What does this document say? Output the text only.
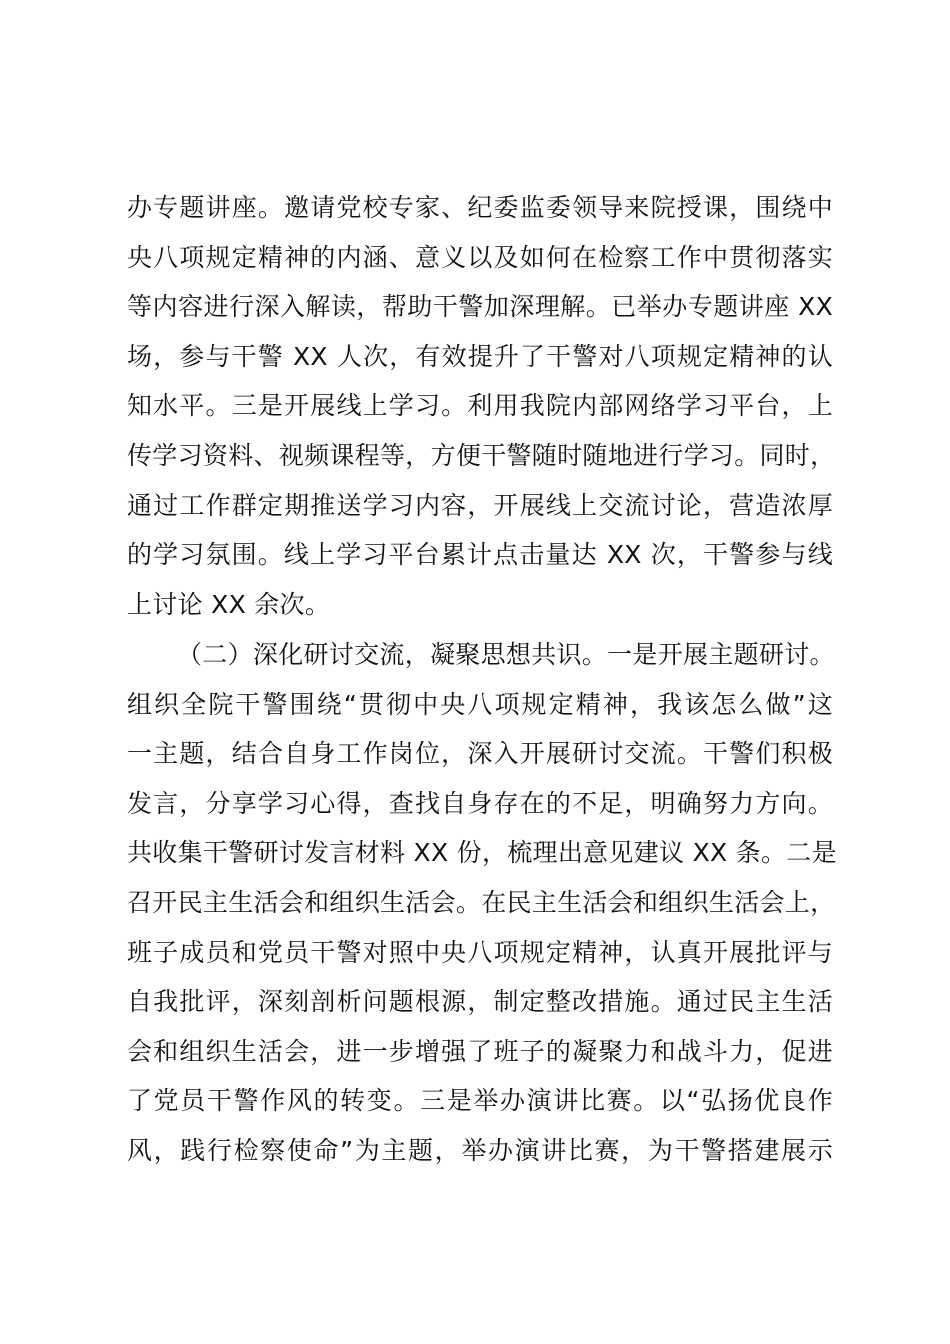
办专题讲座。邀请党校专家、纪委监委领导来院授课，围绕中
央八项规定精神的内涵、意义以及如何在检察工作中贯彻落实
等内容进行深入解读，帮助干警加深理解。已举办专题讲座 XX
场，参与干警 XX 人次，有效提升了干警对八项规定精神的认
知水平。三是开展线上学习。利用我院内部网络学习平台，上
传学习资料、视频课程等，方便干警随时随地进行学习。同时，
通过工作群定期推送学习内容，开展线上交流讨论，营造浓厚
的学习氛围。线上学习平台累计点击量达 XX 次，干警参与线
上讨论 XX 余次。
（二）深化研讨交流，凝聚思想共识。一是开展主题研讨。
组织全院干警围绕“贯彻中央八项规定精神，我该怎么做”这
一主题，结合自身工作岗位，深入开展研讨交流。干警们积极
发言，分享学习心得，查找自身存在的不足，明确努力方向。
共收集干警研讨发言材料 XX 份，梳理出意见建议 XX 条。二是
召开民主生活会和组织生活会。在民主生活会和组织生活会上，
班子成员和党员干警对照中央八项规定精神，认真开展批评与
自我批评，深刻剖析问题根源，制定整改措施。通过民主生活
会和组织生活会，进一步增强了班子的凝聚力和战斗力，促进
了党员干警作风的转变。三是举办演讲比赛。以“弘扬优良作
风，践行检察使命”为主题，举办演讲比赛，为干警搭建展示
